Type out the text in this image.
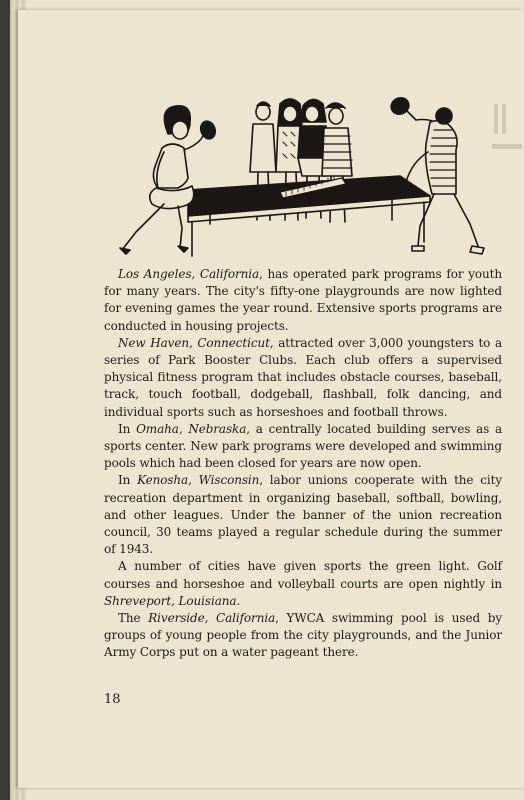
Los Angeles, California, has operated park programs for youth for many years. The city's fifty-one playgrounds are now lighted for evening games the year round. Extensive sports programs are conducted in housing projects.

New Haven, Connecticut, attracted over 3,000 youngsters to a series of Park Booster Clubs. Each club offers a supervised physical fitness program that includes obstacle courses, baseball, track, touch football, dodgeball, flashball, folk dancing, and individual sports such as horseshoes and football throws.

In Omaha, Nebraska, a centrally located building serves as a sports center. New park programs were developed and swimming pools which had been closed for years are now open.

In Kenosha, Wisconsin, labor unions cooperate with the city recreation department in organizing baseball, softball, bowling, and other leagues. Under the banner of the union recreation council, 30 teams played a regular schedule during the summer of 1943.

A number of cities have given sports the green light. Golf courses and horseshoe and volleyball courts are open nightly in Shreveport, Louisiana.

The Riverside, California, YWCA swimming pool is used by groups of young people from the city playgrounds, and the Junior Army Corps put on a water pageant there.

18
